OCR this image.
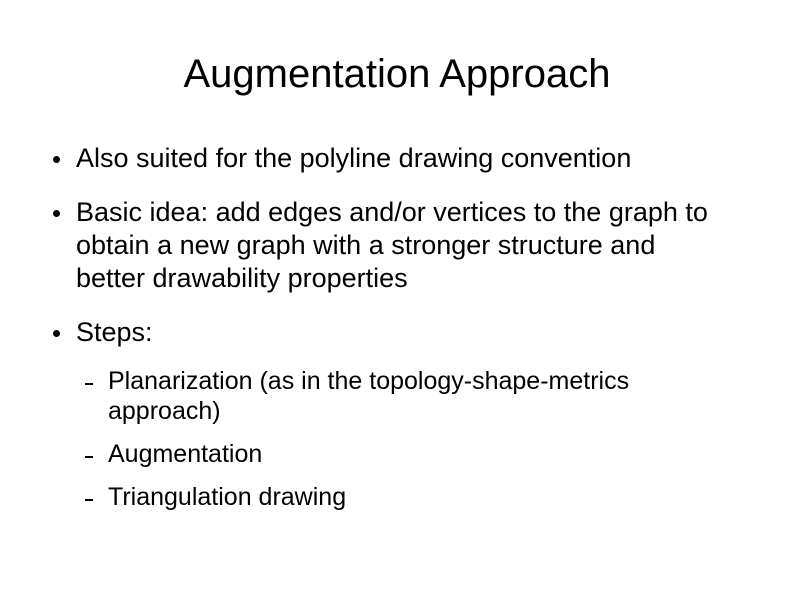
Augmentation Approach
Also suited for the polyline drawing convention
Basic idea: add edges and/or vertices to the graph to obtain a new graph with a stronger structure and better drawability properties
Steps:
Planarization (as in the topology-shape-metrics approach)
Augmentation
Triangulation drawing
